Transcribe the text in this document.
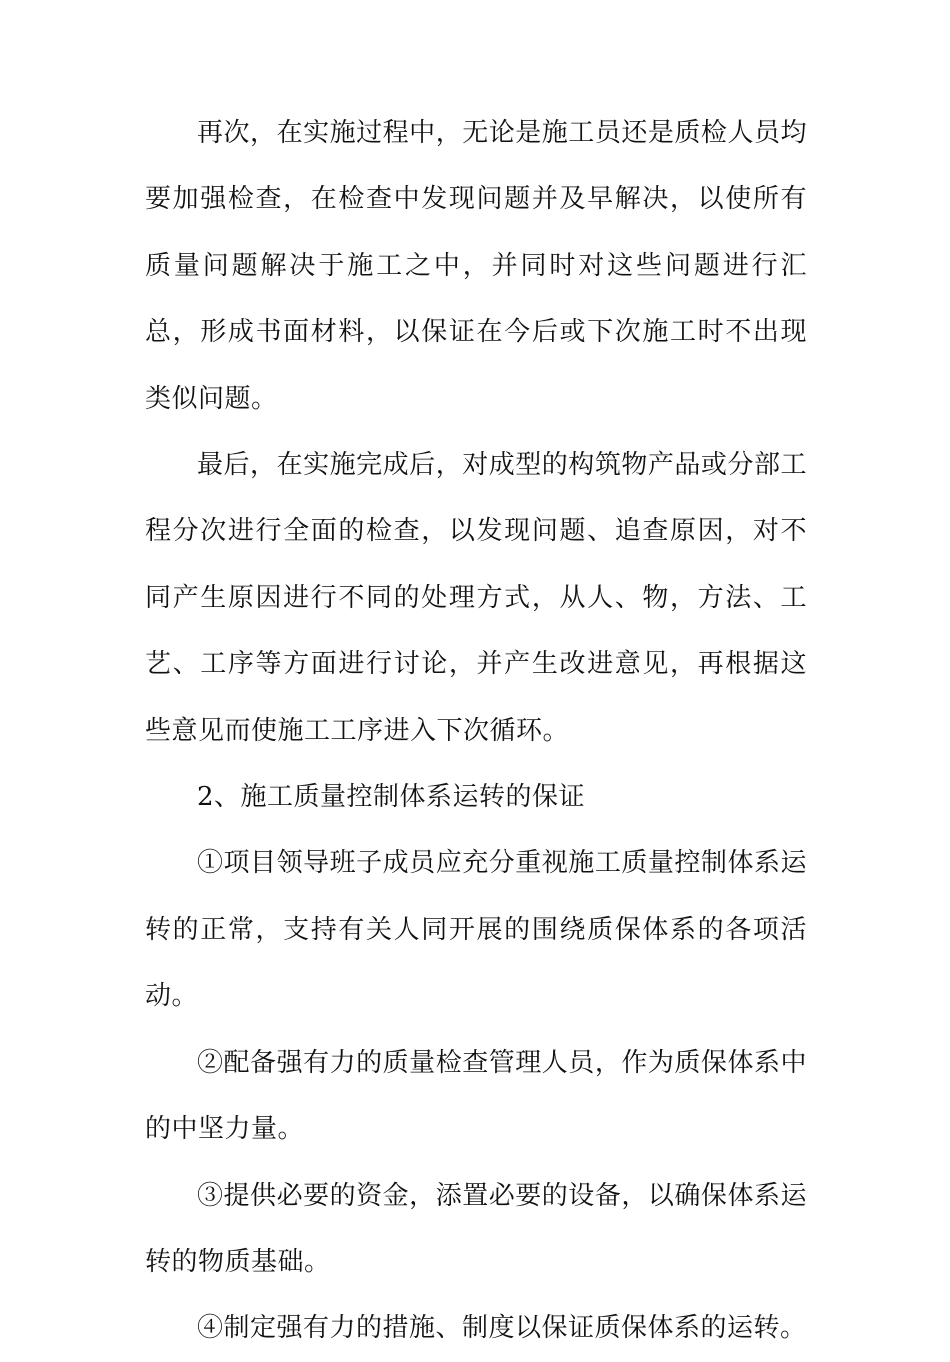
再次，在实施过程中，无论是施工员还是质检人员均要加强检查，在检查中发现问题并及早解决，以使所有质量问题解决于施工之中，并同时对这些问题进行汇总，形成书面材料，以保证在今后或下次施工时不出现类似问题。

最后，在实施完成后，对成型的构筑物产品或分部工程分次进行全面的检查，以发现问题、追查原因，对不同产生原因进行不同的处理方式，从人、物，方法、工艺、工序等方面进行讨论，并产生改进意见，再根据这些意见而使施工工序进入下次循环。

2、施工质量控制体系运转的保证

①项目领导班子成员应充分重视施工质量控制体系运转的正常，支持有关人同开展的围绕质保体系的各项活动。

②配备强有力的质量检查管理人员，作为质保体系中的中坚力量。

③提供必要的资金，添置必要的设备，以确保体系运转的物质基础。

④制定强有力的措施、制度以保证质保体系的运转。
